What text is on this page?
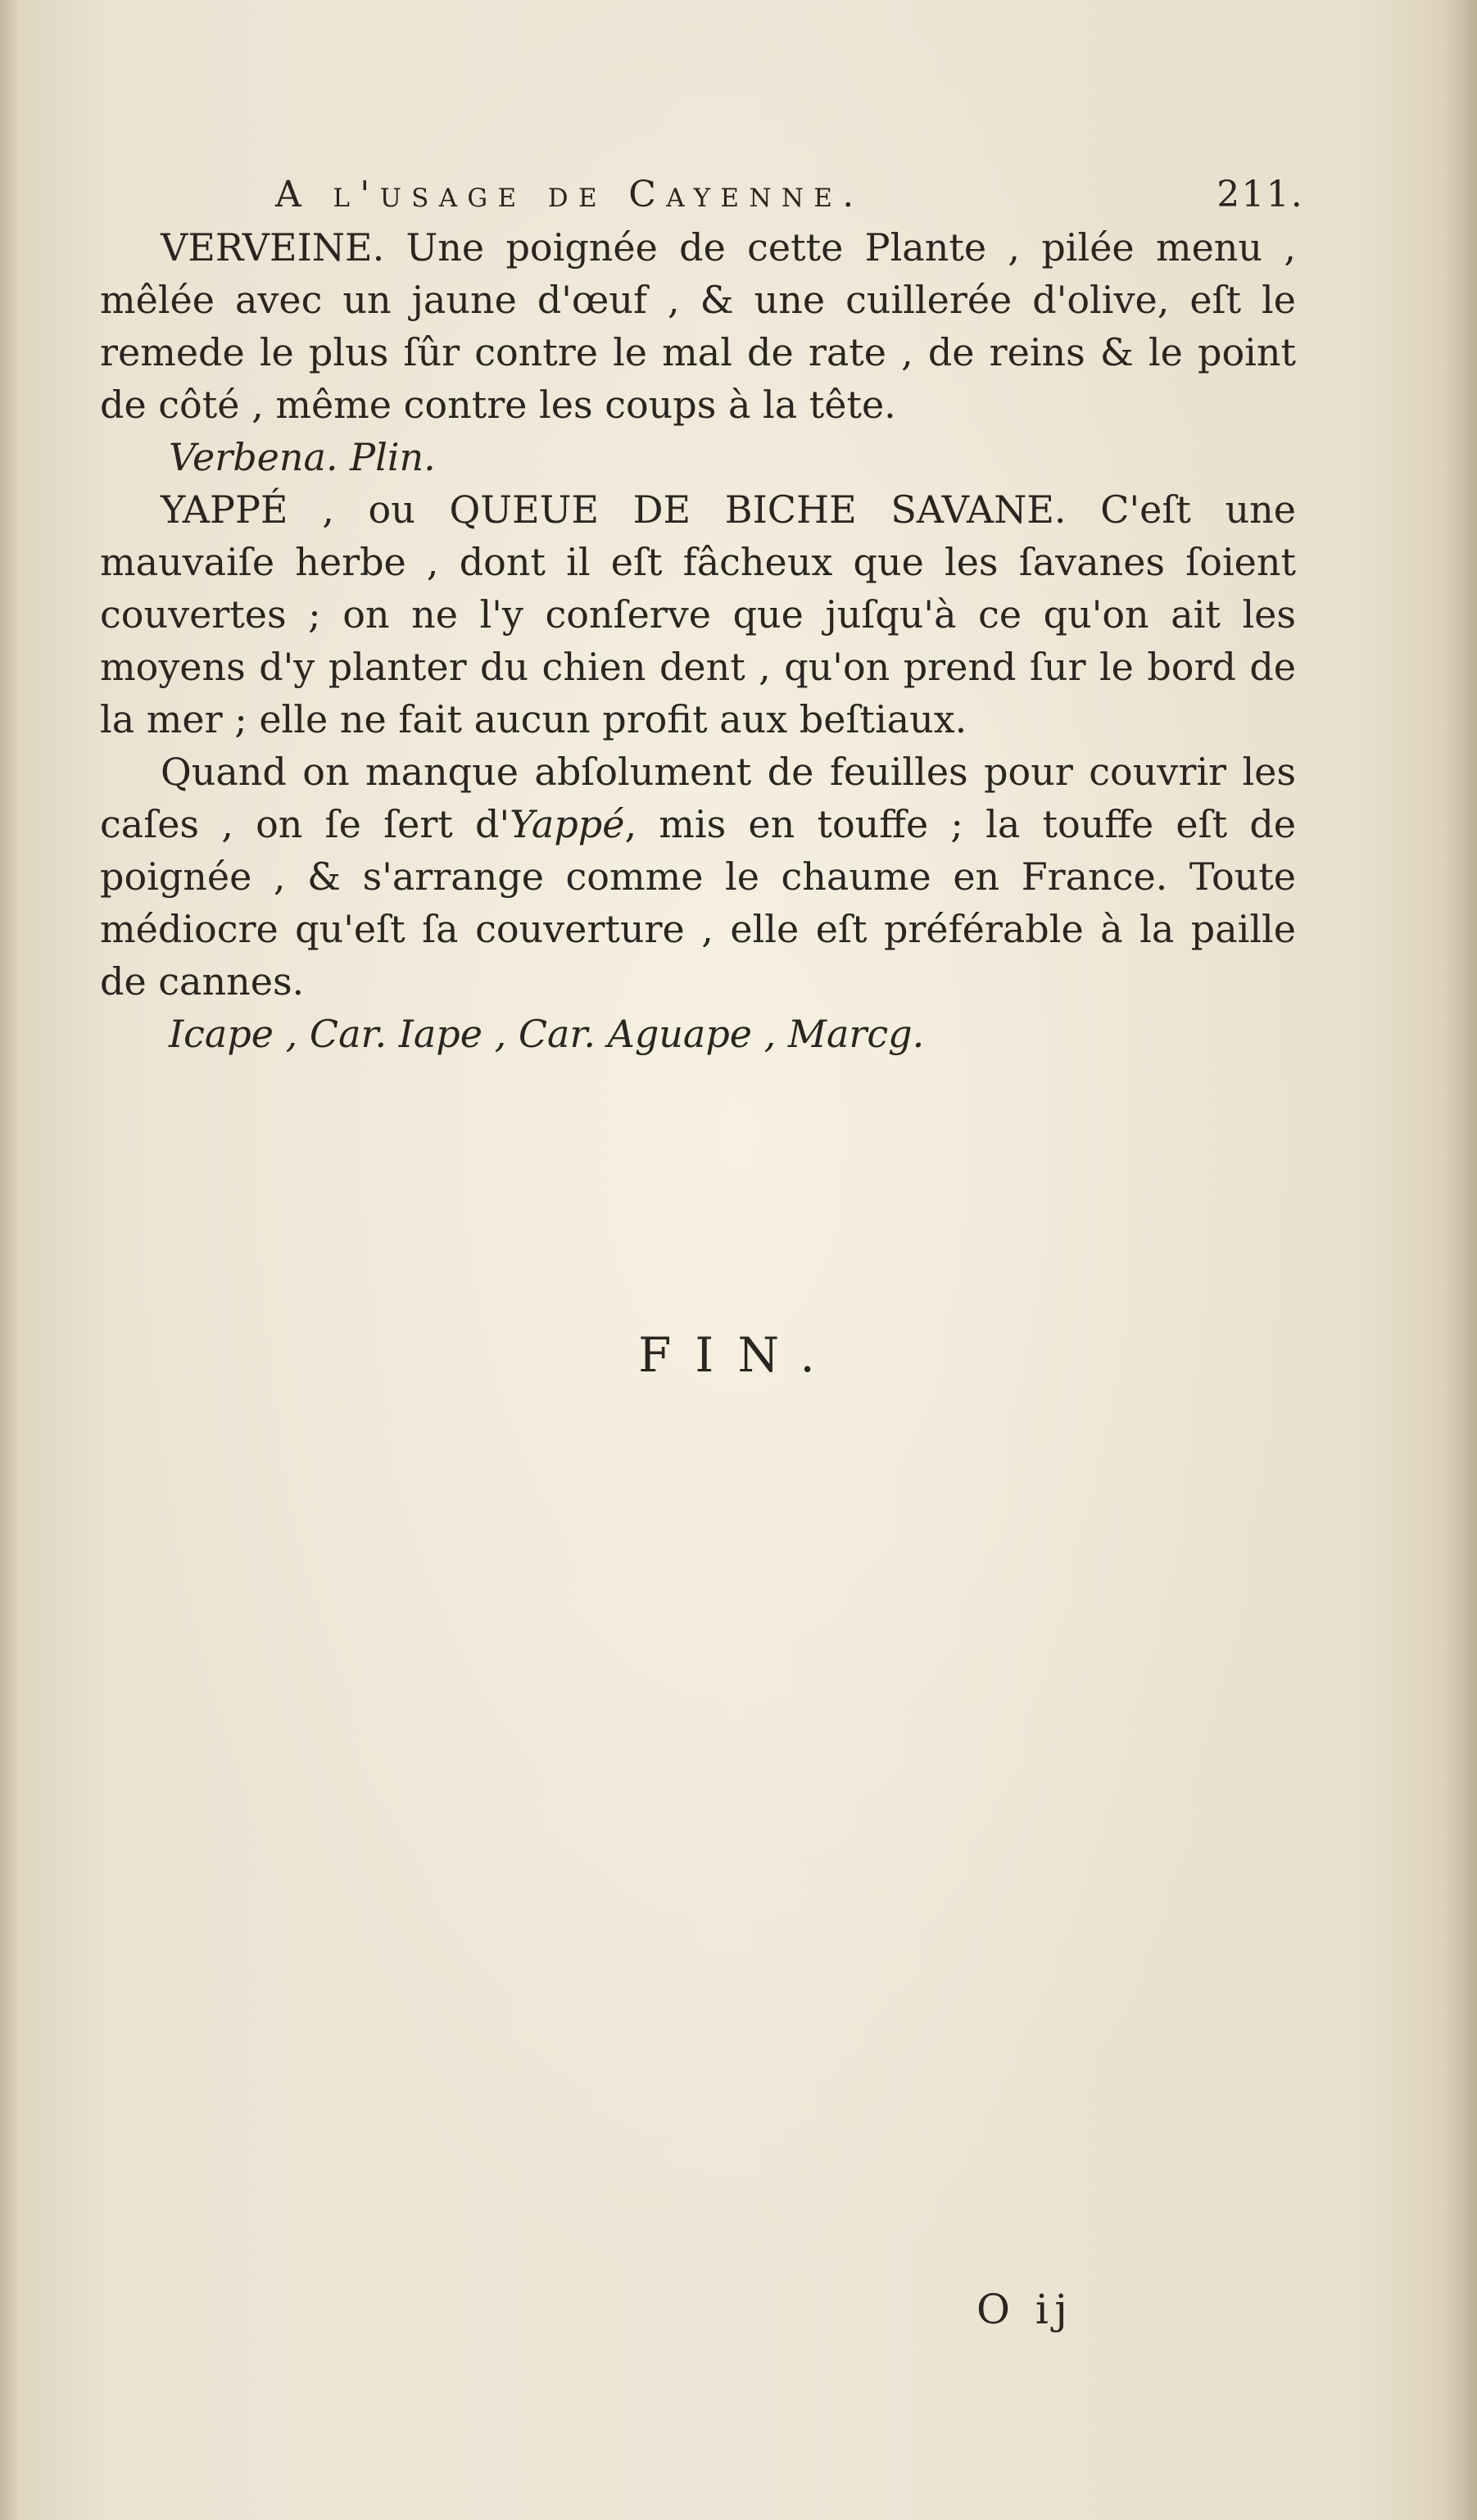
A l'usage de Cayenne.	211.

VERVEINE. Une poignée de cette Plante , pilée menu , mêlée avec un jaune d'œuf , & une cuillerée d'olive, eſt le remede le plus ſûr contre le mal de rate , de reins & le point de côté , même contre les coups à la tête.

Verbena. Plin.

YAPPÉ , ou QUEUE DE BICHE SAVANE. C'eſt une mauvaiſe herbe , dont il eſt fâcheux que les ſavanes ſoient couvertes ; on ne l'y conſerve que juſqu'à ce qu'on ait les moyens d'y planter du chien dent , qu'on prend ſur le bord de la mer ; elle ne fait aucun profit aux beſtiaux.

Quand on manque abſolument de feuilles pour couvrir les caſes , on ſe ſert d'Yappé, mis en touffe ; la touffe eſt de poignée , & s'arrange comme le chaume en France. Toute médiocre qu'eſt ſa couverture , elle eſt préférable à la paille de cannes.

Icape , Car. Iape , Car. Aguape , Marcg.

FIN.
O ij
